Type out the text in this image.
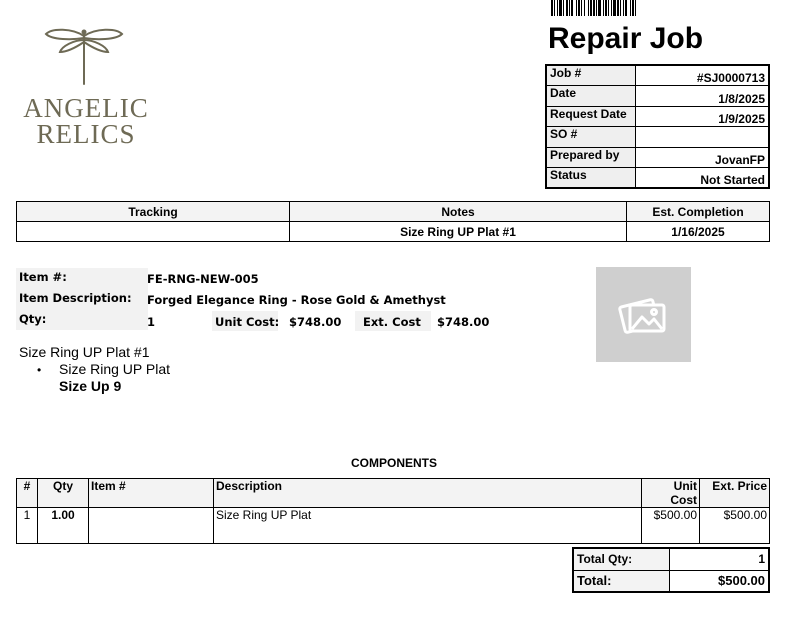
ANGELIC
RELICS
Repair Job
Job #	#SJ0000713
Date	1/8/2025
Request Date	1/9/2025
SO #	
Prepared by	JovanFP
Status	Not Started
Tracking	Notes	Est. Completion
	Size Ring UP Plat #1	1/16/2025
Item #:	FE-RNG-NEW-005
Item Description: Forged Elegance Ring - Rose Gold & Amethyst
Qty:	1	Unit Cost: $748.00 Ext. Cost $748.00
Size Ring UP Plat #1
• Size Ring UP Plat
Size Up 9
COMPONENTS
#	Qty	Item #	Description	Unit Cost	Ext. Price
1	1.00		Size Ring UP Plat	$500.00	$500.00
Total Qty:	1
Total:	$500.00
